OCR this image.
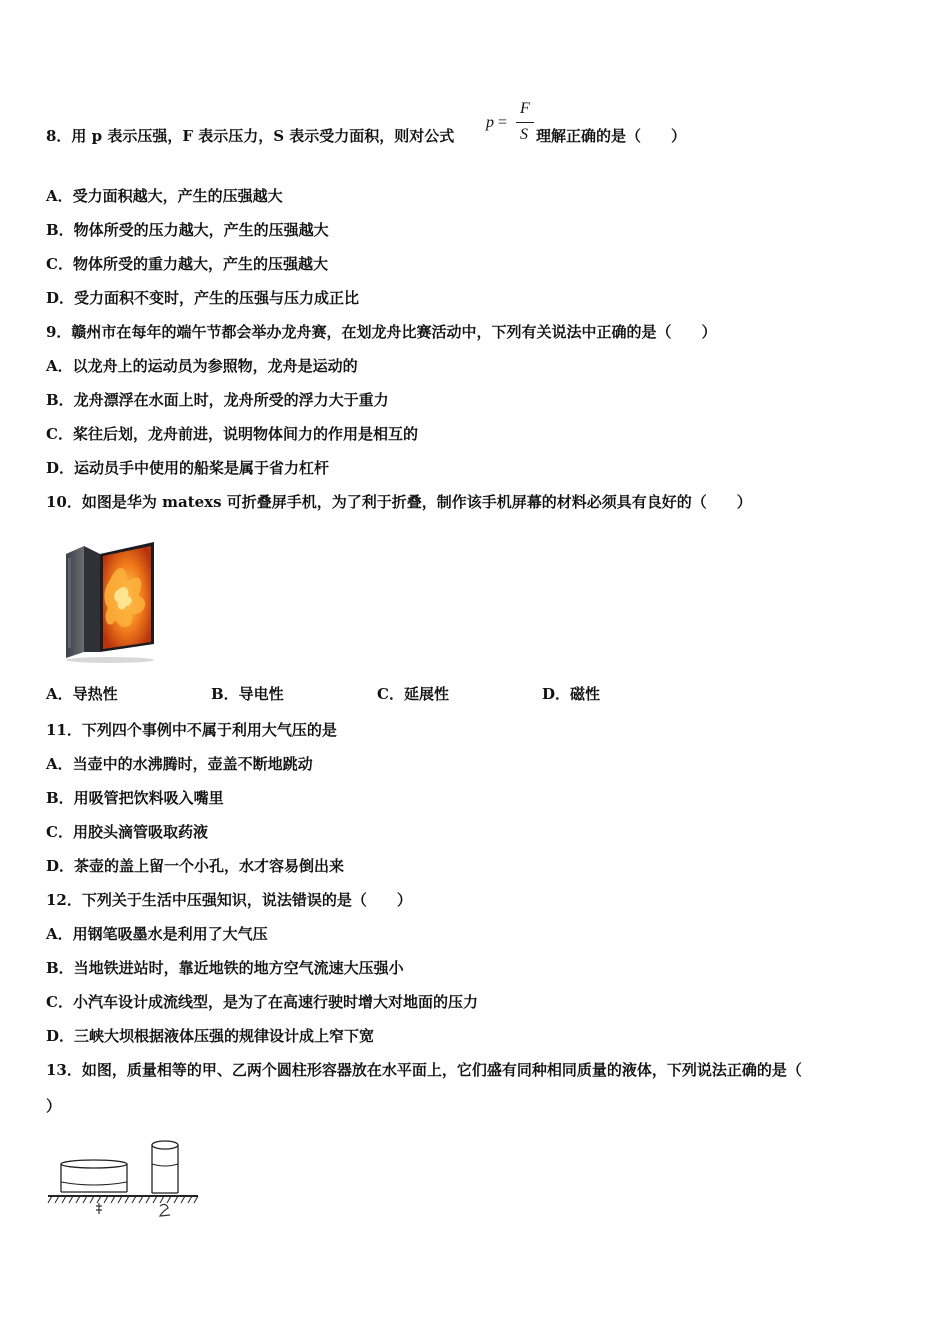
8．用 p 表示压强，F 表示压力，S 表示受力面积，则对公式
p =
F
S 理解正确的是（　　）
A．受力面积越大，产生的压强越大
B．物体所受的压力越大，产生的压强越大
C．物体所受的重力越大，产生的压强越大
D．受力面积不变时，产生的压强与压力成正比
9．赣州市在每年的端午节都会举办龙舟赛，在划龙舟比赛活动中，下列有关说法中正确的是（　　）
A．以龙舟上的运动员为参照物，龙舟是运动的
B．龙舟漂浮在水面上时，龙舟所受的浮力大于重力
C．桨往后划，龙舟前进，说明物体间力的作用是相互的
D．运动员手中使用的船桨是属于省力杠杆
10．如图是华为 matexs 可折叠屏手机，为了利于折叠，制作该手机屏幕的材料必须具有良好的（　　）
A．导热性	B．导电性	C．延展性	D．磁性
11．下列四个事例中不属于利用大气压的是
A．当壶中的水沸腾时，壶盖不断地跳动
B．用吸管把饮料吸入嘴里
C．用胶头滴管吸取药液
D．茶壶的盖上留一个小孔，水才容易倒出来
12．下列关于生活中压强知识，说法错误的是（　　）
A．用钢笔吸墨水是利用了大气压
B．当地铁进站时，靠近地铁的地方空气流速大压强小
C．小汽车设计成流线型，是为了在高速行驶时增大对地面的压力
D．三峡大坝根据液体压强的规律设计成上窄下宽
13．如图，质量相等的甲、乙两个圆柱形容器放在水平面上，它们盛有同种相同质量的液体，下列说法正确的是（
）
